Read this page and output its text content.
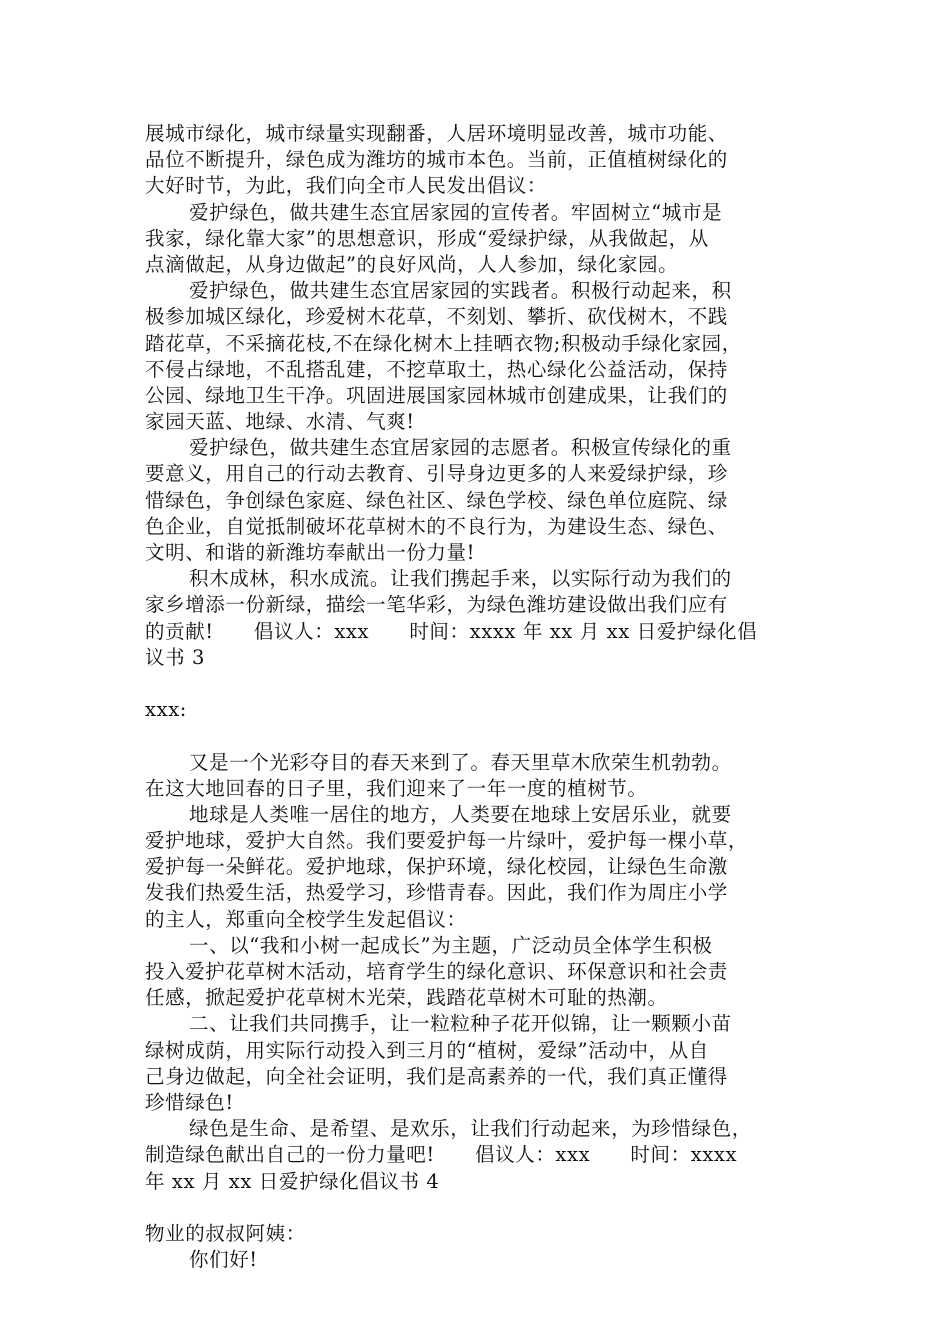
展城市绿化，城市绿量实现翻番，人居环境明显改善，城市功能、
品位不断提升，绿色成为潍坊的城市本色。当前，正值植树绿化的
大好时节，为此，我们向全市人民发出倡议：
爱护绿色，做共建生态宜居家园的宣传者。牢固树立“城市是
我家，绿化靠大家”的思想意识，形成“爱绿护绿，从我做起，从
点滴做起，从身边做起”的良好风尚，人人参加，绿化家园。
爱护绿色，做共建生态宜居家园的实践者。积极行动起来，积
极参加城区绿化，珍爱树木花草，不刻划、攀折、砍伐树木，不践
踏花草，不采摘花枝,不在绿化树木上挂晒衣物;积极动手绿化家园，
不侵占绿地，不乱搭乱建，不挖草取土，热心绿化公益活动，保持
公园、绿地卫生干净。巩固进展国家园林城市创建成果，让我们的
家园天蓝、地绿、水清、气爽!
爱护绿色，做共建生态宜居家园的志愿者。积极宣传绿化的重
要意义，用自己的行动去教育、引导身边更多的人来爱绿护绿，珍
惜绿色，争创绿色家庭、绿色社区、绿色学校、绿色单位庭院、绿
色企业，自觉抵制破坏花草树木的不良行为，为建设生态、绿色、
文明、和谐的新潍坊奉献出一份力量!
积木成林，积水成流。让我们携起手来，以实际行动为我们的
家乡增添一份新绿，描绘一笔华彩，为绿色潍坊建设做出我们应有
的贡献!　　倡议人：xxx　　时间：xxxx 年 xx 月 xx 日爱护绿化倡
议书 3
xxx:
又是一个光彩夺目的春天来到了。春天里草木欣荣生机勃勃。
在这大地回春的日子里，我们迎来了一年一度的植树节。
地球是人类唯一居住的地方，人类要在地球上安居乐业，就要
爱护地球，爱护大自然。我们要爱护每一片绿叶，爱护每一棵小草，
爱护每一朵鲜花。爱护地球，保护环境，绿化校园，让绿色生命激
发我们热爱生活，热爱学习，珍惜青春。因此，我们作为周庄小学
的主人，郑重向全校学生发起倡议：
一、以“我和小树一起成长”为主题，广泛动员全体学生积极
投入爱护花草树木活动，培育学生的绿化意识、环保意识和社会责
任感，掀起爱护花草树木光荣，践踏花草树木可耻的热潮。
二、让我们共同携手，让一粒粒种子花开似锦，让一颗颗小苗
绿树成荫，用实际行动投入到三月的“植树，爱绿”活动中，从自
己身边做起，向全社会证明，我们是高素养的一代，我们真正懂得
珍惜绿色!
绿色是生命、是希望、是欢乐，让我们行动起来，为珍惜绿色，
制造绿色献出自己的一份力量吧!　　倡议人：xxx　　时间：xxxx
年 xx 月 xx 日爱护绿化倡议书 4
物业的叔叔阿姨：
你们好!
